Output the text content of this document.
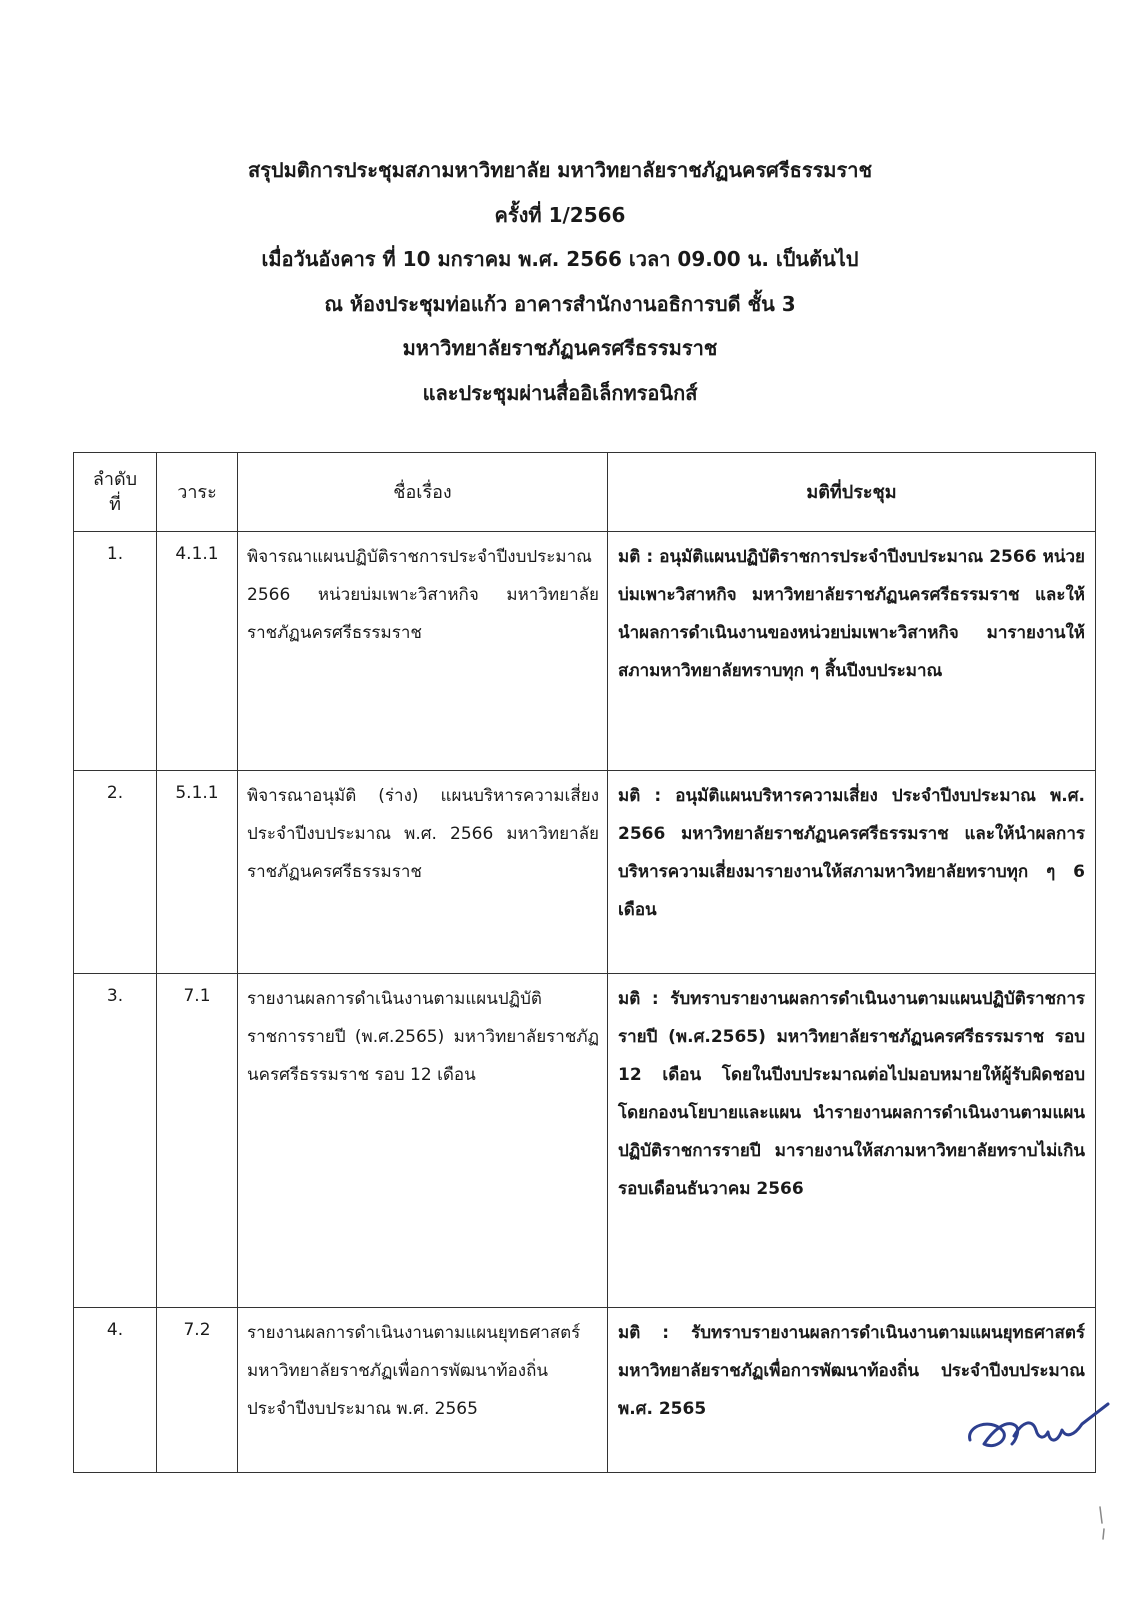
สรุปมติการประชุมสภามหาวิทยาลัย มหาวิทยาลัยราชภัฏนครศรีธรรมราช
ครั้งที่ 1/2566
เมื่อวันอังคาร ที่ 10 มกราคม พ.ศ. 2566 เวลา 09.00 น. เป็นต้นไป
ณ ห้องประชุมท่อแก้ว อาคารสำนักงานอธิการบดี ชั้น 3
มหาวิทยาลัยราชภัฏนครศรีธรรมราช
และประชุมผ่านสื่ออิเล็กทรอนิกส์
ลำดับ
ที่	วาระ	ชื่อเรื่อง	มติที่ประชุม
1.	4.1.1	พิจารณาแผนปฏิบัติราชการประจำปีงบประมาณ 2566 หน่วยบ่มเพาะวิสาหกิจ มหาวิทยาลัยราชภัฏนครศรีธรรมราช	มติ : อนุมัติแผนปฏิบัติราชการประจำปีงบประมาณ 2566 หน่วยบ่มเพาะวิสาหกิจ มหาวิทยาลัยราชภัฏนครศรีธรรมราช และให้นำผลการดำเนินงานของหน่วยบ่มเพาะวิสาหกิจ มารายงานให้สภามหาวิทยาลัยทราบทุก ๆ สิ้นปีงบประมาณ
2.	5.1.1	พิจารณาอนุมัติ (ร่าง) แผนบริหารความเสี่ยงประจำปีงบประมาณ พ.ศ. 2566 มหาวิทยาลัยราชภัฏนครศรีธรรมราช	มติ : อนุมัติแผนบริหารความเสี่ยง ประจำปีงบประมาณ พ.ศ. 2566 มหาวิทยาลัยราชภัฏนครศรีธรรมราช และให้นำผลการบริหารความเสี่ยงมารายงานให้สภามหาวิทยาลัยทราบทุก ๆ 6 เดือน
3.	7.1	รายงานผลการดำเนินงานตามแผนปฏิบัติราชการรายปี (พ.ศ.2565) มหาวิทยาลัยราชภัฏนครศรีธรรมราช รอบ 12 เดือน	มติ : รับทราบรายงานผลการดำเนินงานตามแผนปฏิบัติราชการรายปี (พ.ศ.2565) มหาวิทยาลัยราชภัฏนครศรีธรรมราช รอบ 12 เดือน โดยในปีงบประมาณต่อไปมอบหมายให้ผู้รับผิดชอบโดยกองนโยบายและแผน นำรายงานผลการดำเนินงานตามแผนปฏิบัติราชการรายปี มารายงานให้สภามหาวิทยาลัยทราบไม่เกินรอบเดือนธันวาคม 2566
4.	7.2	รายงานผลการดำเนินงานตามแผนยุทธศาสตร์มหาวิทยาลัยราชภัฏเพื่อการพัฒนาท้องถิ่น ประจำปีงบประมาณ พ.ศ. 2565	มติ : รับทราบรายงานผลการดำเนินงานตามแผนยุทธศาสตร์มหาวิทยาลัยราชภัฏเพื่อการพัฒนาท้องถิ่น ประจำปีงบประมาณ พ.ศ. 2565
